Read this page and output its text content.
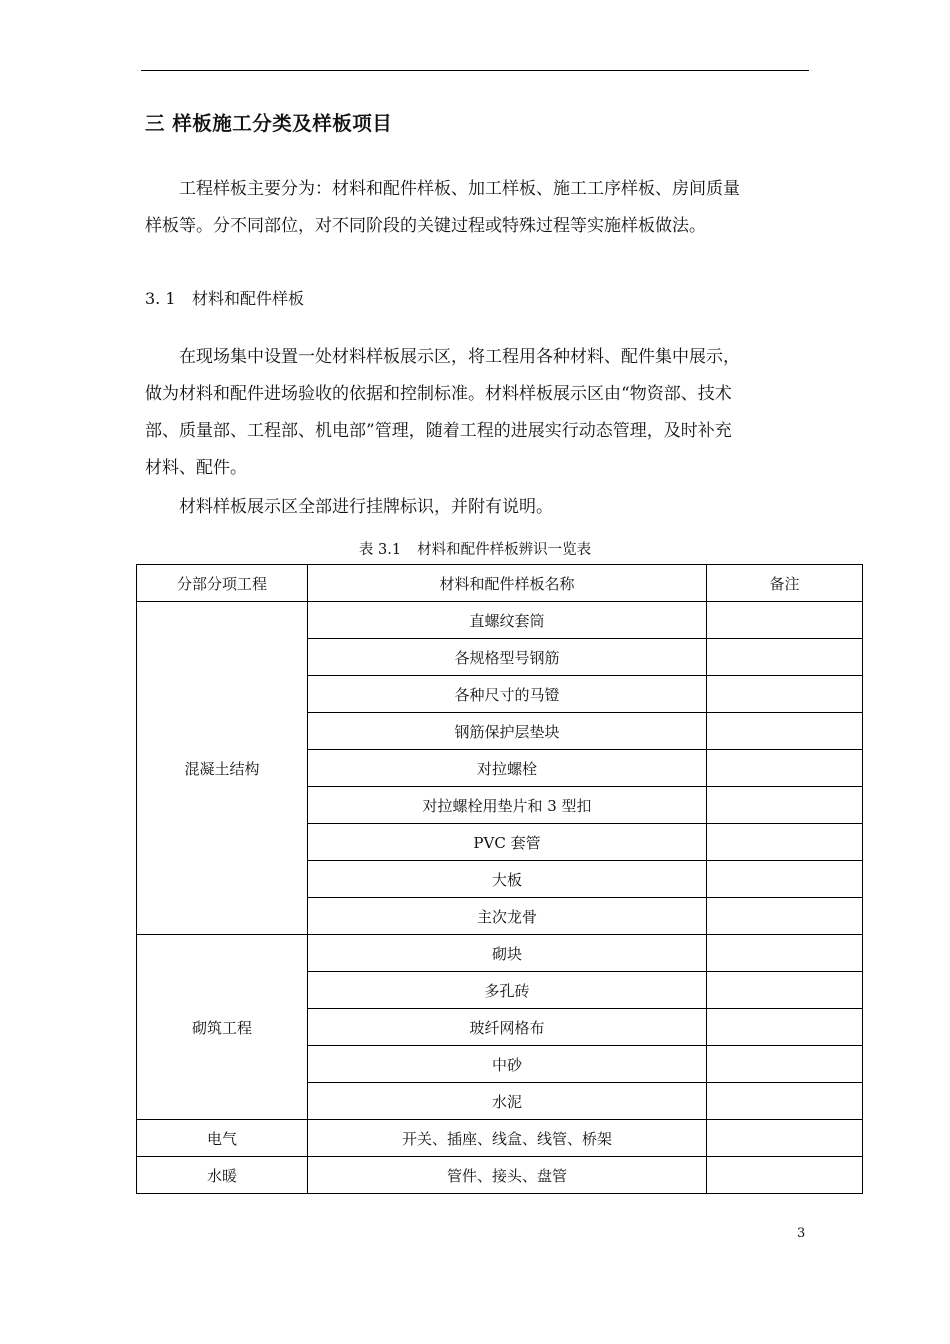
三 样板施工分类及样板项目
　　工程样板主要分为：材料和配件样板、加工样板、施工工序样板、房间质量
样板等。分不同部位，对不同阶段的关键过程或特殊过程等实施样板做法。
3. 1 材料和配件样板
　　在现场集中设置一处材料样板展示区，将工程用各种材料、配件集中展示，
做为材料和配件进场验收的依据和控制标准。材料样板展示区由“物资部、技术
部、质量部、工程部、机电部”管理，随着工程的进展实行动态管理，及时补充
材料、配件。
　　材料样板展示区全部进行挂牌标识，并附有说明。
表 3.1 材料和配件样板辨识一览表
分部分项工程	材料和配件样板名称	备注
混凝土结构	直螺纹套筒	
	各规格型号钢筋	
	各种尺寸的马镫	
	钢筋保护层垫块	
	对拉螺栓	
	对拉螺栓用垫片和 3 型扣	
	PVC 套管	
	大板	
	主次龙骨	
砌筑工程	砌块	
	多孔砖	
	玻纤网格布	
	中砂	
	水泥	
电气	开关、插座、线盒、线管、桥架	
水暖	管件、接头、盘管	
3
